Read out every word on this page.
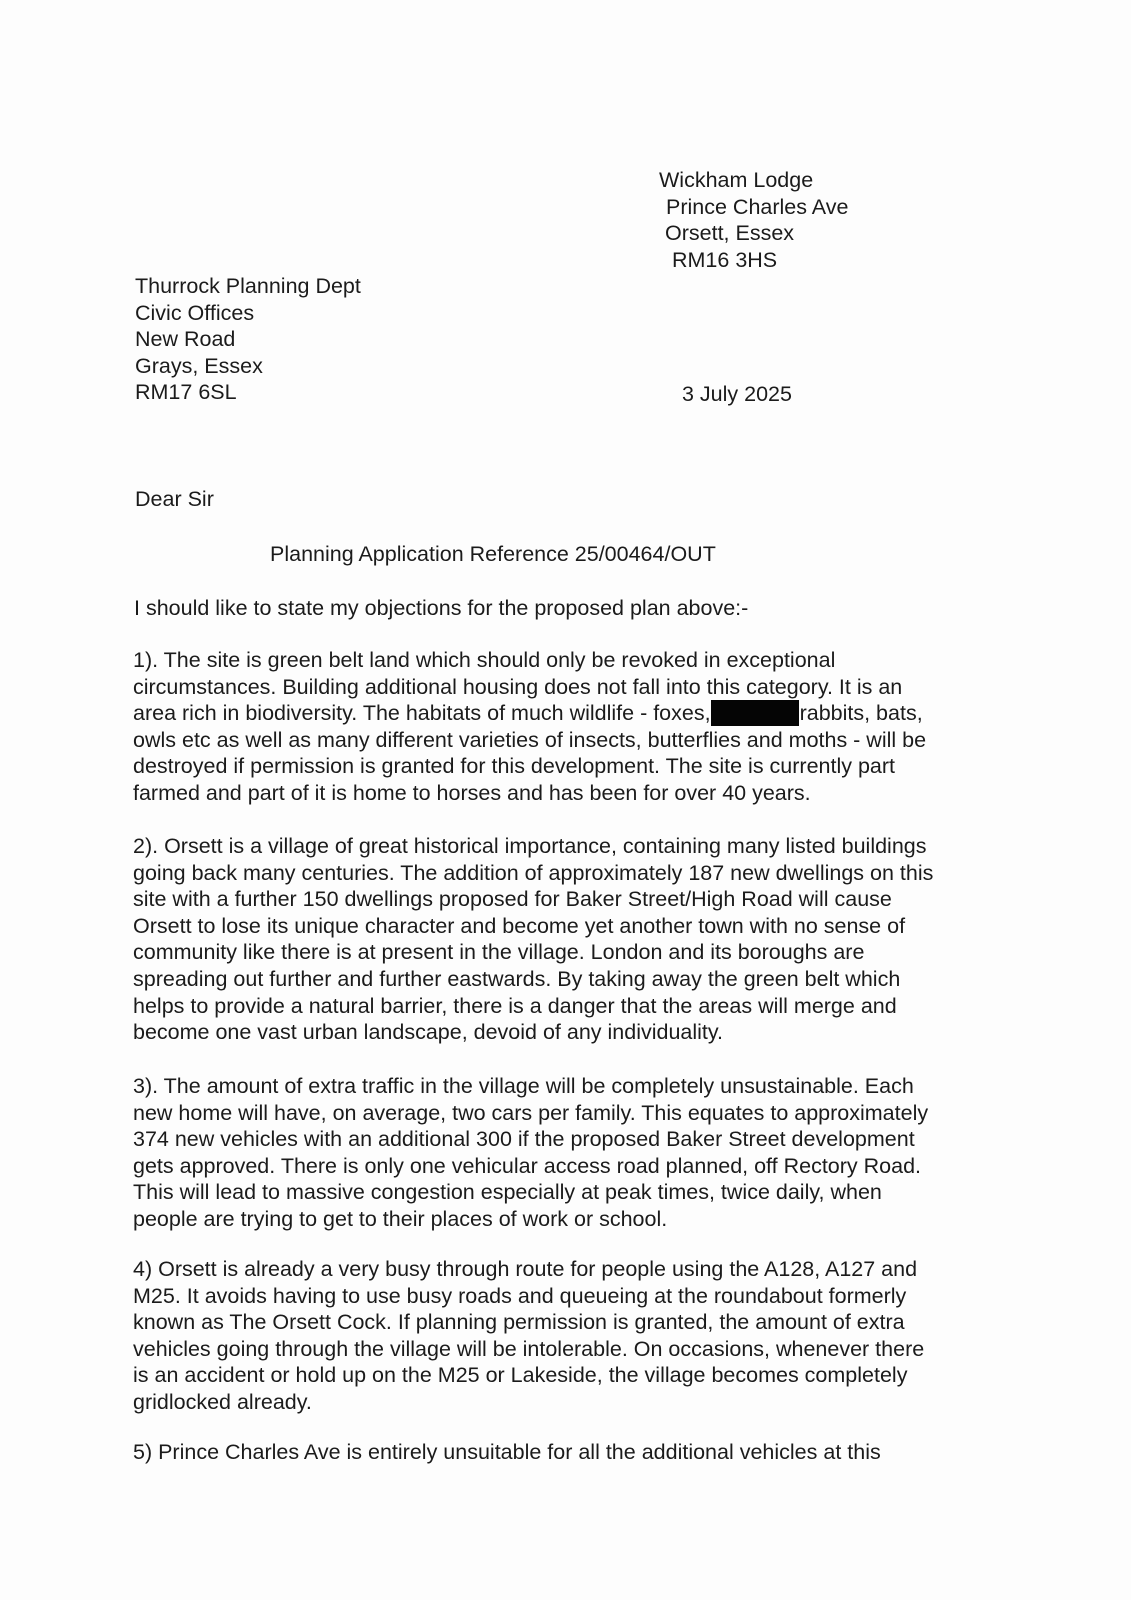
Wickham Lodge
Prince Charles Ave
Orsett, Essex
RM16 3HS
Thurrock Planning Dept
Civic Offices
New Road
Grays, Essex
RM17 6SL	3 July 2025
Dear Sir
Planning Application Reference 25/00464/OUT
I should like to state my objections for the proposed plan above:-
1). The site is green belt land which should only be revoked in exceptional
circumstances. Building additional housing does not fall into this category. It is an
area rich in biodiversity. The habitats of much wildlife - foxes,	rabbits, bats,
owls etc as well as many different varieties of insects, butterflies and moths - will be
destroyed if permission is granted for this development. The site is currently part
farmed and part of it is home to horses and has been for over 40 years.
2). Orsett is a village of great historical importance, containing many listed buildings
going back many centuries. The addition of approximately 187 new dwellings on this
site with a further 150 dwellings proposed for Baker Street/High Road will cause
Orsett to lose its unique character and become yet another town with no sense of
community like there is at present in the village. London and its boroughs are
spreading out further and further eastwards. By taking away the green belt which
helps to provide a natural barrier, there is a danger that the areas will merge and
become one vast urban landscape, devoid of any individuality.
3). The amount of extra traffic in the village will be completely unsustainable. Each
new home will have, on average, two cars per family. This equates to approximately
374 new vehicles with an additional 300 if the proposed Baker Street development
gets approved. There is only one vehicular access road planned, off Rectory Road.
This will lead to massive congestion especially at peak times, twice daily, when
people are trying to get to their places of work or school.
4) Orsett is already a very busy through route for people using the A128, A127 and
M25. It avoids having to use busy roads and queueing at the roundabout formerly
known as The Orsett Cock. If planning permission is granted, the amount of extra
vehicles going through the village will be intolerable. On occasions, whenever there
is an accident or hold up on the M25 or Lakeside, the village becomes completely
gridlocked already.
5) Prince Charles Ave is entirely unsuitable for all the additional vehicles at this
